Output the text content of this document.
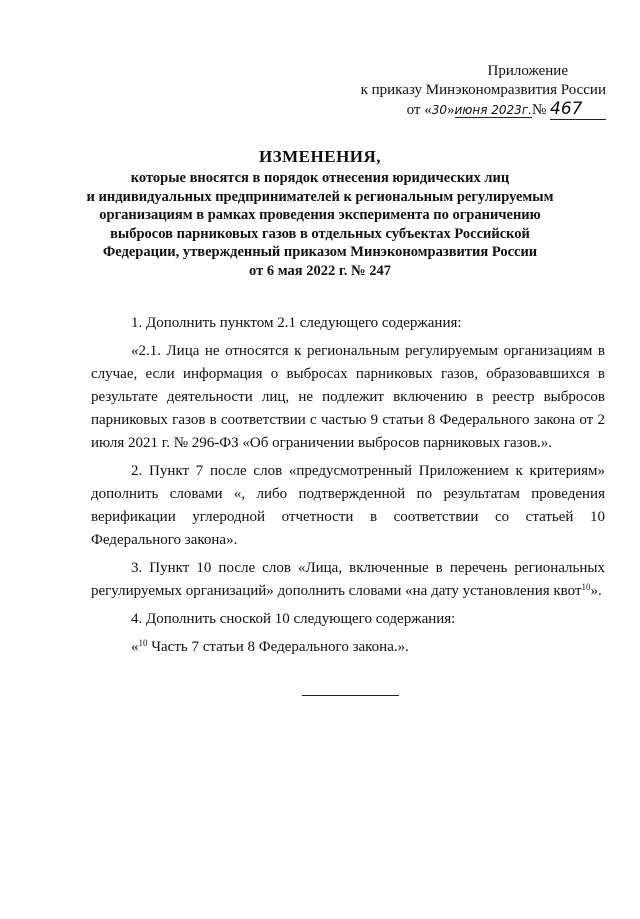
Приложение
к приказу Минэкономразвития России
от «30»июня 2023г.№ 467
ИЗМЕНЕНИЯ,
которые вносятся в порядок отнесения юридических лиц
и индивидуальных предпринимателей к региональным регулируемым
организациям в рамках проведения эксперимента по ограничению
выбросов парниковых газов в отдельных субъектах Российской
Федерации, утвержденный приказом Минэкономразвития России
от 6 мая 2022 г. № 247

1. Дополнить пунктом 2.1 следующего содержания:

«2.1. Лица не относятся к региональным регулируемым организациям в случае, если информация о выбросах парниковых газов, образовавшихся в результате деятельности лиц, не подлежит включению в реестр выбросов парниковых газов в соответствии с частью 9 статьи 8 Федерального закона от 2 июля 2021 г. № 296-ФЗ «Об ограничении выбросов парниковых газов.».

2. Пункт 7 после слов «предусмотренный Приложением к критериям» дополнить словами «, либо подтвержденной по результатам проведения верификации углеродной отчетности в соответствии со статьей 10 Федерального закона».

3. Пункт 10 после слов «Лица, включенные в перечень региональных регулируемых организаций» дополнить словами «на дату установления квот$^{10}$».

4. Дополнить сноской 10 следующего содержания:

«$^{10}$ Часть 7 статьи 8 Федерального закона.».
